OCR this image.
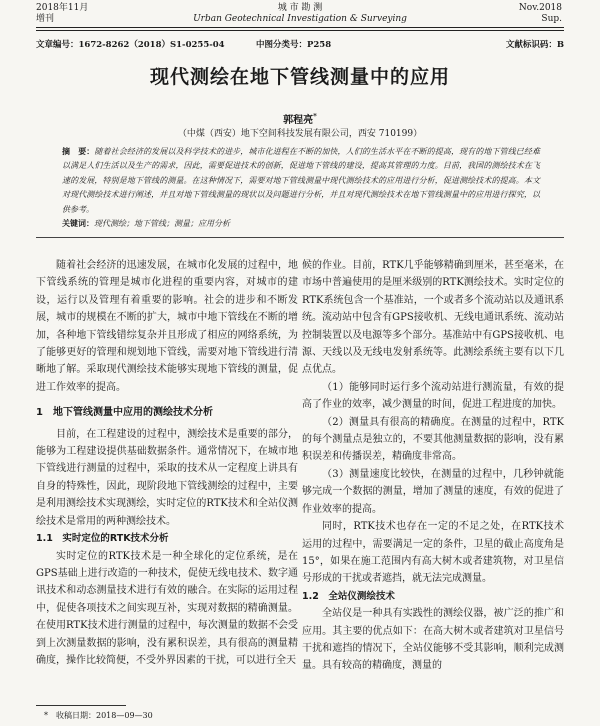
城 市 勘 测
Urban Geotechnical Investigation & Surveying
2018年11月
增刊
Nov.2018
Sup.
文章编号：1672-8262（2018）S1-0255-04	中图分类号：P258	文献标识码：B
现代测绘在地下管线测量中的应用
郭程亮*
（中煤（西安）地下空间科技发展有限公司，西安 710199）
摘　要：随着社会经济的发展以及科学技术的进步，城市化进程在不断的加快，人们的生活水平在不断的提高，现有的地下管线已经难以满足人们生活以及生产的需求，因此，需要促进技术的创新，促进地下管线的建设，提高其管理的力度。目前，我国的测绘技术在飞速的发展，特别是地下管线的测量。在这种情况下，需要对地下管线测量中现代测绘技术的应用进行分析，促进测绘技术的提高。本文对现代测绘技术进行阐述，并且对地下管线测量的现状以及问题进行分析，并且对现代测绘技术在地下管线测量中的应用进行探究，以供参考。
关键词：现代测绘；地下管线；测量；应用分析

随着社会经济的迅速发展，在城市化发展的过程中，地下管线系统的管理是城市化进程的重要内容，对城市的建设，运行以及管理有着重要的影响。社会的进步和不断发展，城市的规模在不断的扩大，城市中地下管线在不断的增加，各种地下管线错综复杂并且形成了相应的网络系统，为了能够更好的管理和规划地下管线，需要对地下管线进行清晰地了解。采取现代测绘技术能够实现地下管线的测量，促进工作效率的提高。

1　地下管线测量中应用的测绘技术分析

目前，在工程建设的过程中，测绘技术是重要的部分，能够为工程建设提供基础数据条件。通常情况下，在城市地下管线进行测量的过程中，采取的技术从一定程度上讲具有自身的特殊性，因此，现阶段地下管线测绘的过程中，主要是利用测绘技术实现测绘，实时定位的RTK技术和全站仪测绘技术是常用的两种测绘技术。

1.1　实时定位的RTK技术分析

实时定位的RTK技术是一种全球化的定位系统，是在GPS基础上进行改造的一种技术，促使无线电技术、数字通讯技术和动态测量技术进行有效的融合。在实际的运用过程中，促使各项技术之间实现互补，实现对数据的精确测量。在使用RTK技术进行测量的过程中，每次测量的数据不会受到上次测量数据的影响，没有累积误差，具有很高的测量精确度，操作比较简便，不受外界因素的干扰，可以进行全天

候的作业。目前，RTK几乎能够精确到厘米，甚至毫米，在市场中普遍使用的是厘米级别的RTK测绘技术。实时定位的RTK系统包含一个基准站，一个或者多个流动站以及通讯系统。流动站中包含有GPS接收机、无线电通讯系统、流动站控制装置以及电源等多个部分。基准站中有GPS接收机、电源、天线以及无线电发射系统等。此测绘系统主要有以下几点优点。

（1）能够同时运行多个流动站进行测流量，有效的提高了作业的效率，减少测量的时间，促进工程进度的加快。

（2）测量具有很高的精确度。在测量的过程中，RTK的每个测量点是独立的，不要其他测量数据的影响，没有累积误差和传播误差，精确度非常高。

（3）测量速度比较快，在测量的过程中，几秒钟就能够完成一个数据的测量，增加了测量的速度，有效的促进了作业效率的提高。

同时，RTK技术也存在一定的不足之处，在RTK技术运用的过程中，需要满足一定的条件，卫星的截止高度角是15°，如果在施工范围内有高大树木或者建筑物，对卫星信号形成的干扰或者遮挡，就无法完成测量。

1.2　全站仪测绘技术

全站仪是一种具有实践性的测绘仪器，被广泛的推广和应用。其主要的优点如下：在高大树木或者建筑对卫星信号干扰和遮挡的情况下，全站仪能够不受其影响，顺利完成测量。具有较高的精确度，测量的

*　收稿日期：2018—09—30
